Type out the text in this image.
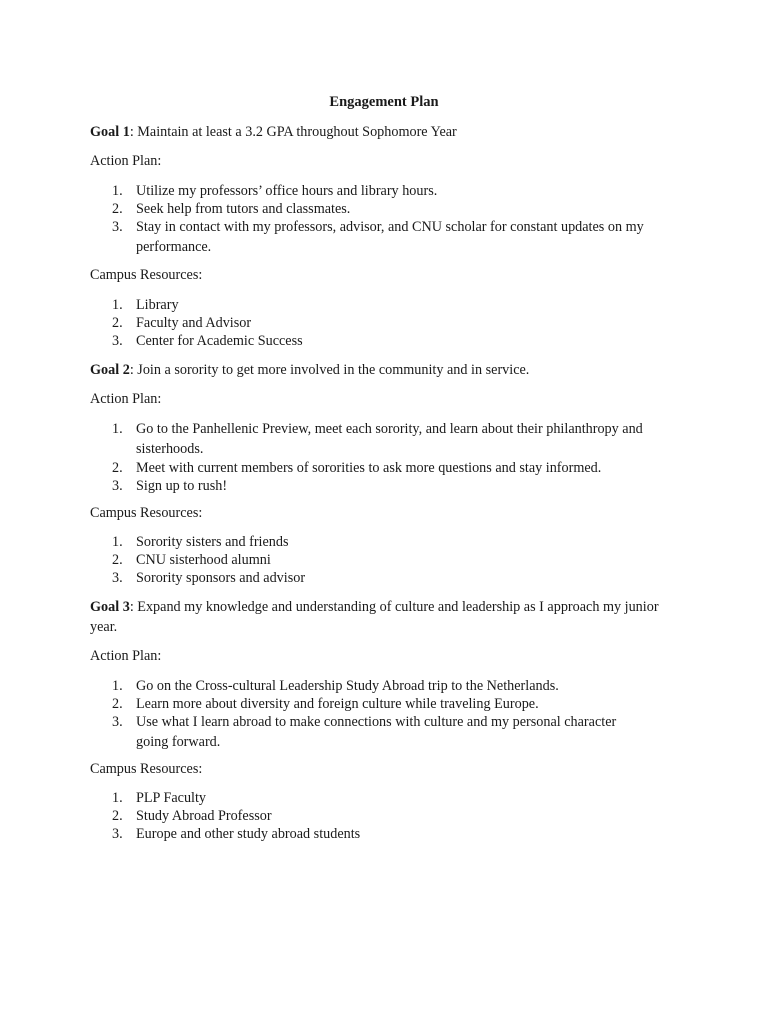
Engagement Plan
Goal 1: Maintain at least a 3.2 GPA throughout Sophomore Year
Action Plan:
1. Utilize my professors’ office hours and library hours.
2. Seek help from tutors and classmates.
3. Stay in contact with my professors, advisor, and CNU scholar for constant updates on my performance.
Campus Resources:
1. Library
2. Faculty and Advisor
3. Center for Academic Success
Goal 2: Join a sorority to get more involved in the community and in service.
Action Plan:
1. Go to the Panhellenic Preview, meet each sorority, and learn about their philanthropy and sisterhoods.
2. Meet with current members of sororities to ask more questions and stay informed.
3. Sign up to rush!
Campus Resources:
1. Sorority sisters and friends
2. CNU sisterhood alumni
3. Sorority sponsors and advisor
Goal 3: Expand my knowledge and understanding of culture and leadership as I approach my junior year.
Action Plan:
1. Go on the Cross-cultural Leadership Study Abroad trip to the Netherlands.
2. Learn more about diversity and foreign culture while traveling Europe.
3. Use what I learn abroad to make connections with culture and my personal character going forward.
Campus Resources:
1. PLP Faculty
2. Study Abroad Professor
3. Europe and other study abroad students
